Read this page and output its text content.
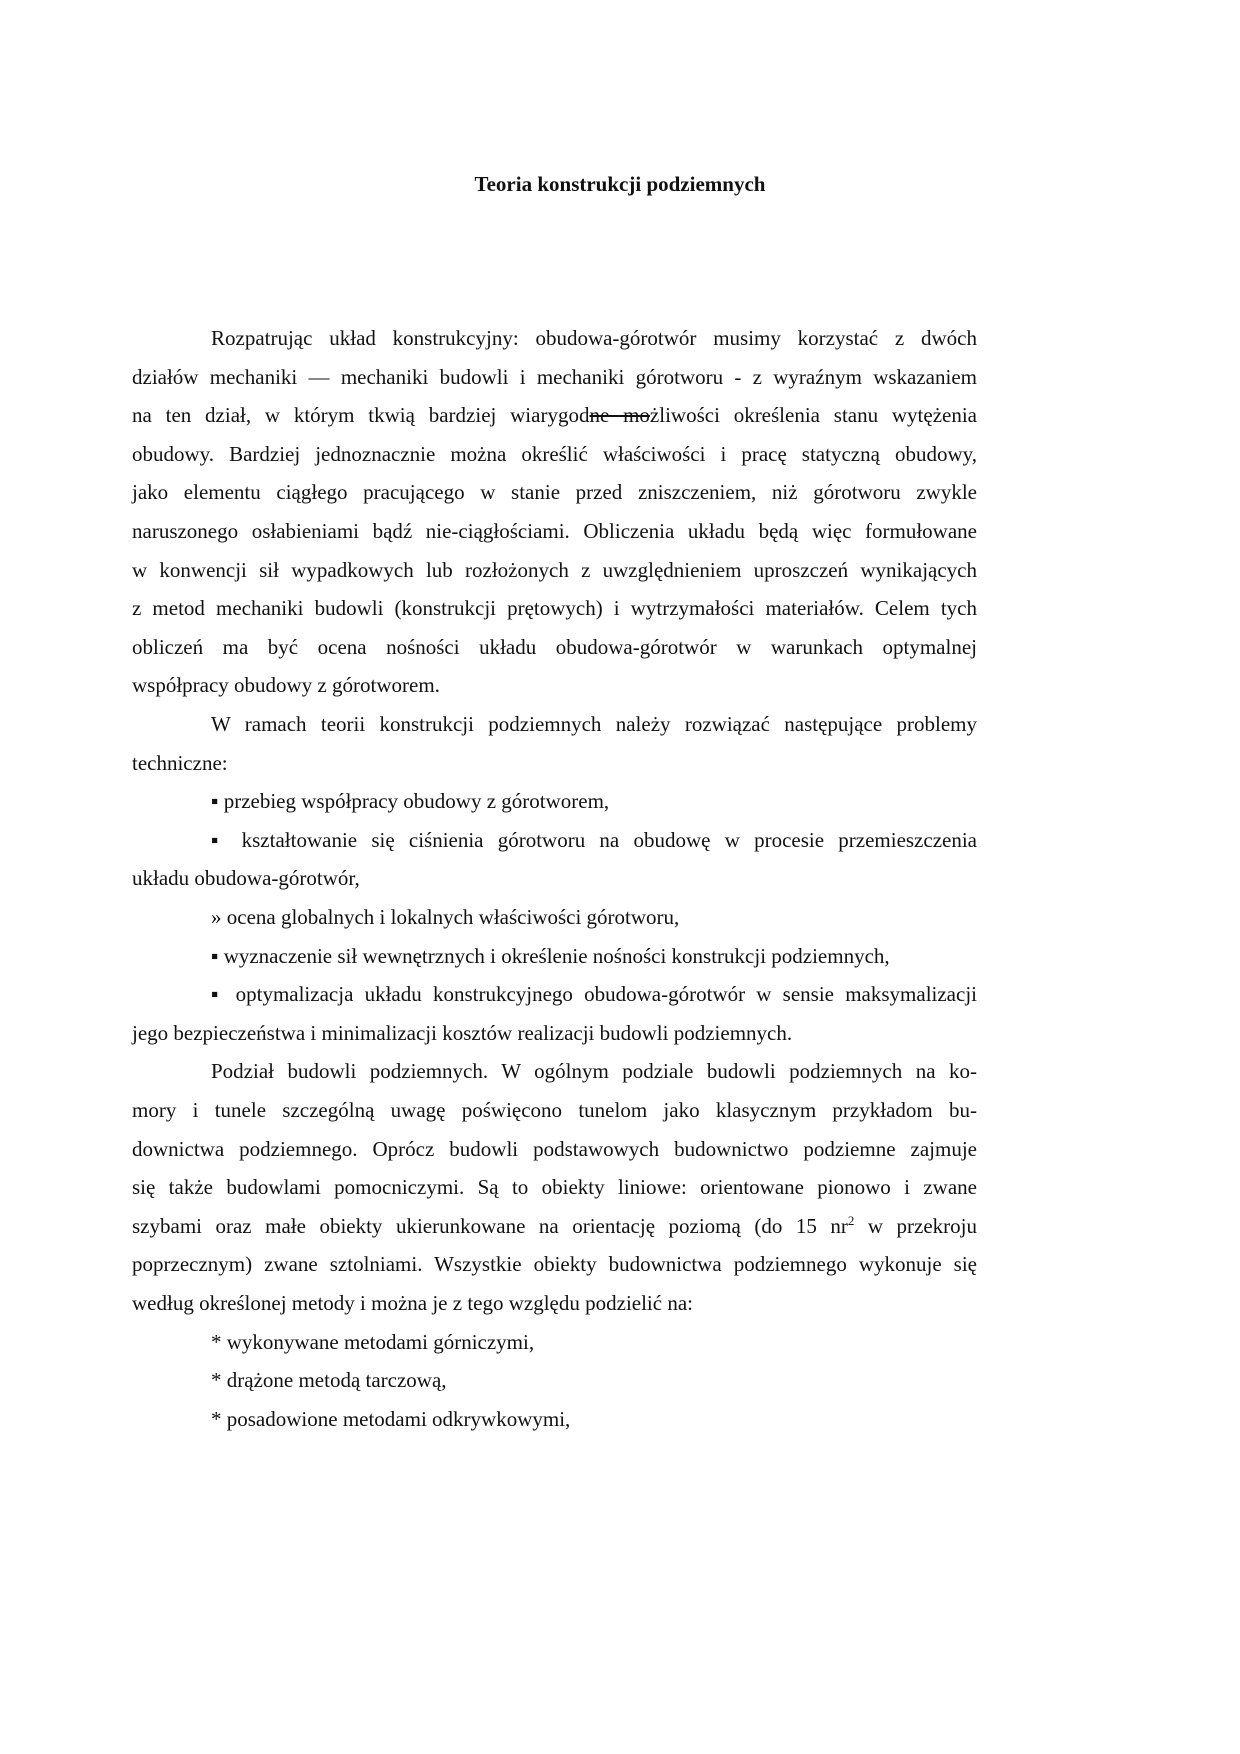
Teoria konstrukcji podziemnych
Rozpatrując układ konstrukcyjny: obudowa-górotwór musimy korzystać z dwóch
działów mechaniki — mechaniki budowli i mechaniki górotworu - z wyraźnym wskazaniem
na ten dział, w którym tkwią bardziej wiarygodne możliwości określenia stanu wytężenia
obudowy. Bardziej jednoznacznie można określić właściwości i pracę statyczną obudowy,
jako elementu ciągłego pracującego w stanie przed zniszczeniem, niż górotworu zwykle
naruszonego osłabieniami bądź nie-ciągłościami. Obliczenia układu będą więc formułowane
w konwencji sił wypadkowych lub rozłożonych z uwzględnieniem uproszczeń wynikających
z metod mechaniki budowli (konstrukcji prętowych) i wytrzymałości materiałów. Celem tych
obliczeń ma być ocena nośności układu obudowa-górotwór w warunkach optymalnej
współpracy obudowy z górotworem.
W ramach teorii konstrukcji podziemnych należy rozwiązać następujące problemy
techniczne:
▪ przebieg współpracy obudowy z górotworem,
▪ kształtowanie się ciśnienia górotworu na obudowę w procesie przemieszczenia
układu obudowa-górotwór,
» ocena globalnych i lokalnych właściwości górotworu,
▪ wyznaczenie sił wewnętrznych i określenie nośności konstrukcji podziemnych,
▪ optymalizacja układu konstrukcyjnego obudowa-górotwór w sensie maksymalizacji
jego bezpieczeństwa i minimalizacji kosztów realizacji budowli podziemnych.
Podział budowli podziemnych. W ogólnym podziale budowli podziemnych na ko-
mory i tunele szczególną uwagę poświęcono tunelom jako klasycznym przykładom bu-
downictwa podziemnego. Oprócz budowli podstawowych budownictwo podziemne zajmuje
się także budowlami pomocniczymi. Są to obiekty liniowe: orientowane pionowo i zwane
szybami oraz małe obiekty ukierunkowane na orientację poziomą (do 15 $nr^2$ w przekroju
poprzecznym) zwane sztolniami. Wszystkie obiekty budownictwa podziemnego wykonuje się
według określonej metody i można je z tego względu podzielić na:
* wykonywane metodami górniczymi,
* drążone metodą tarczową,
* posadowione metodami odkrywkowymi,
